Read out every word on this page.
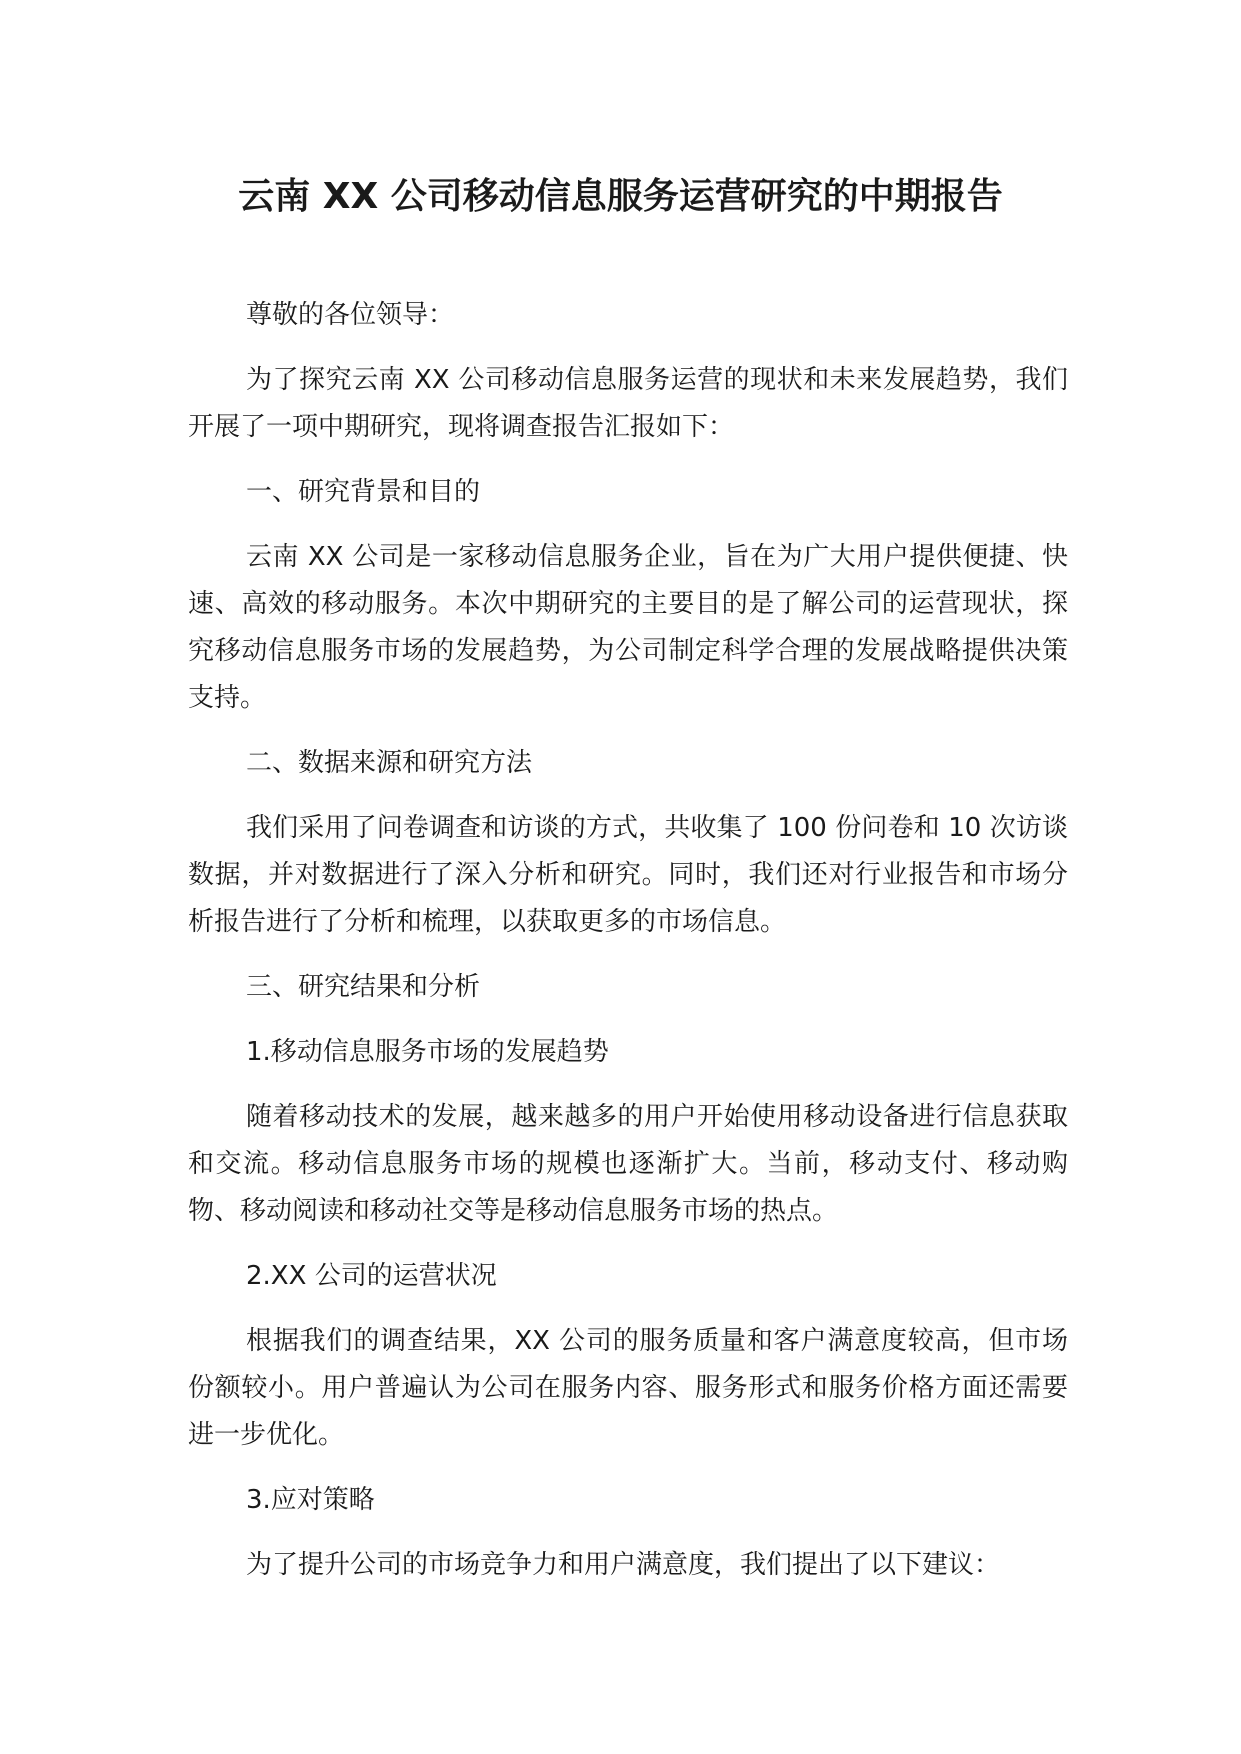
云南 XX 公司移动信息服务运营研究的中期报告

尊敬的各位领导：

为了探究云南 XX 公司移动信息服务运营的现状和未来发展趋势，我们开展了一项中期研究，现将调查报告汇报如下：

一、研究背景和目的

云南 XX 公司是一家移动信息服务企业，旨在为广大用户提供便捷、快速、高效的移动服务。本次中期研究的主要目的是了解公司的运营现状，探究移动信息服务市场的发展趋势，为公司制定科学合理的发展战略提供决策支持。

二、数据来源和研究方法

我们采用了问卷调查和访谈的方式，共收集了 100 份问卷和 10 次访谈数据，并对数据进行了深入分析和研究。同时，我们还对行业报告和市场分析报告进行了分析和梳理，以获取更多的市场信息。

三、研究结果和分析

1.移动信息服务市场的发展趋势

随着移动技术的发展，越来越多的用户开始使用移动设备进行信息获取和交流。移动信息服务市场的规模也逐渐扩大。当前，移动支付、移动购物、移动阅读和移动社交等是移动信息服务市场的热点。

2.XX 公司的运营状况

根据我们的调查结果，XX 公司的服务质量和客户满意度较高，但市场份额较小。用户普遍认为公司在服务内容、服务形式和服务价格方面还需要进一步优化。

3.应对策略

为了提升公司的市场竞争力和用户满意度，我们提出了以下建议：
